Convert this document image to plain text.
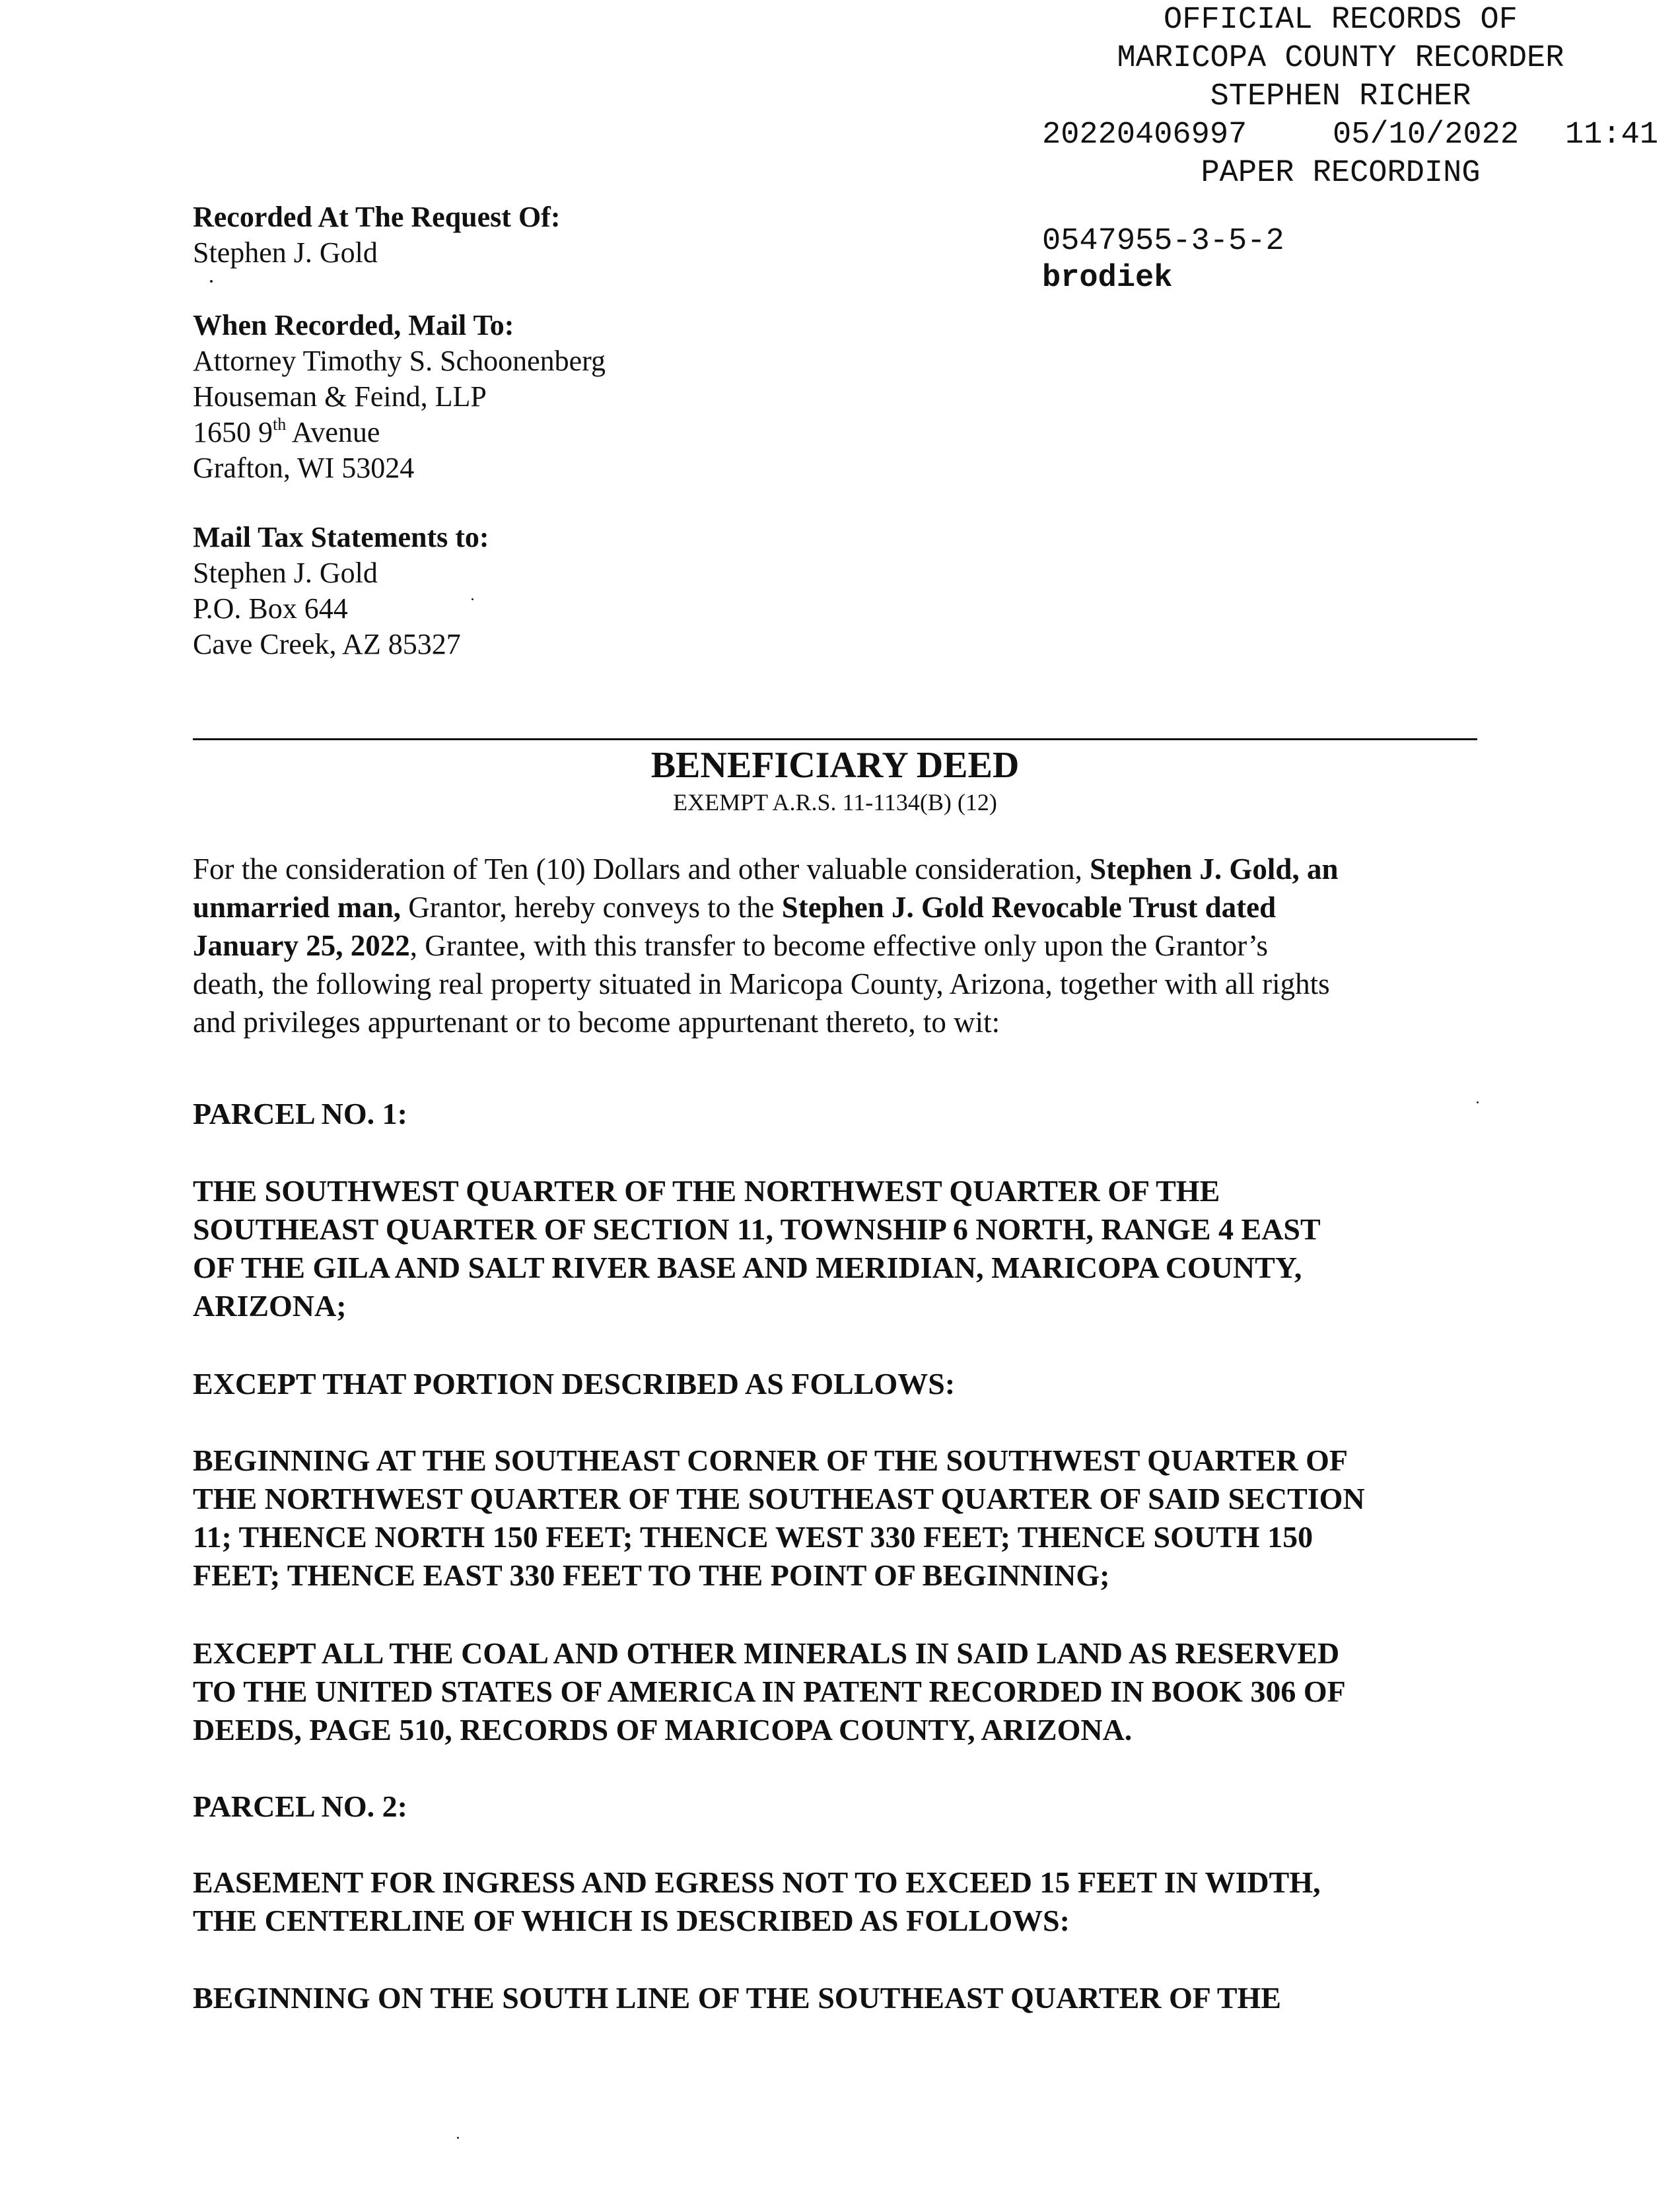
OFFICIAL RECORDS OF
MARICOPA COUNTY RECORDER
STEPHEN RICHER
20220406997	05/10/2022 11:41
PAPER RECORDING
0547955-3-5-2
brodiek
Recorded At The Request Of:
Stephen J. Gold
When Recorded, Mail To:
Attorney Timothy S. Schoonenberg
Houseman & Feind, LLP
1650 9th Avenue
Grafton, WI 53024
Mail Tax Statements to:
Stephen J. Gold
P.O. Box 644
Cave Creek, AZ 85327
BENEFICIARY DEED
EXEMPT A.R.S. 11-1134(B) (12)
For the consideration of Ten (10) Dollars and other valuable consideration, Stephen J. Gold, an
unmarried man, Grantor, hereby conveys to the Stephen J. Gold Revocable Trust dated
January 25, 2022, Grantee, with this transfer to become effective only upon the Grantor’s
death, the following real property situated in Maricopa County, Arizona, together with all rights
and privileges appurtenant or to become appurtenant thereto, to wit:
PARCEL NO. 1:
THE SOUTHWEST QUARTER OF THE NORTHWEST QUARTER OF THE
SOUTHEAST QUARTER OF SECTION 11, TOWNSHIP 6 NORTH, RANGE 4 EAST
OF THE GILA AND SALT RIVER BASE AND MERIDIAN, MARICOPA COUNTY,
ARIZONA;
EXCEPT THAT PORTION DESCRIBED AS FOLLOWS:
BEGINNING AT THE SOUTHEAST CORNER OF THE SOUTHWEST QUARTER OF
THE NORTHWEST QUARTER OF THE SOUTHEAST QUARTER OF SAID SECTION
11; THENCE NORTH 150 FEET; THENCE WEST 330 FEET; THENCE SOUTH 150
FEET; THENCE EAST 330 FEET TO THE POINT OF BEGINNING;
EXCEPT ALL THE COAL AND OTHER MINERALS IN SAID LAND AS RESERVED
TO THE UNITED STATES OF AMERICA IN PATENT RECORDED IN BOOK 306 OF
DEEDS, PAGE 510, RECORDS OF MARICOPA COUNTY, ARIZONA.
PARCEL NO. 2:
EASEMENT FOR INGRESS AND EGRESS NOT TO EXCEED 15 FEET IN WIDTH,
THE CENTERLINE OF WHICH IS DESCRIBED AS FOLLOWS:
BEGINNING ON THE SOUTH LINE OF THE SOUTHEAST QUARTER OF THE
